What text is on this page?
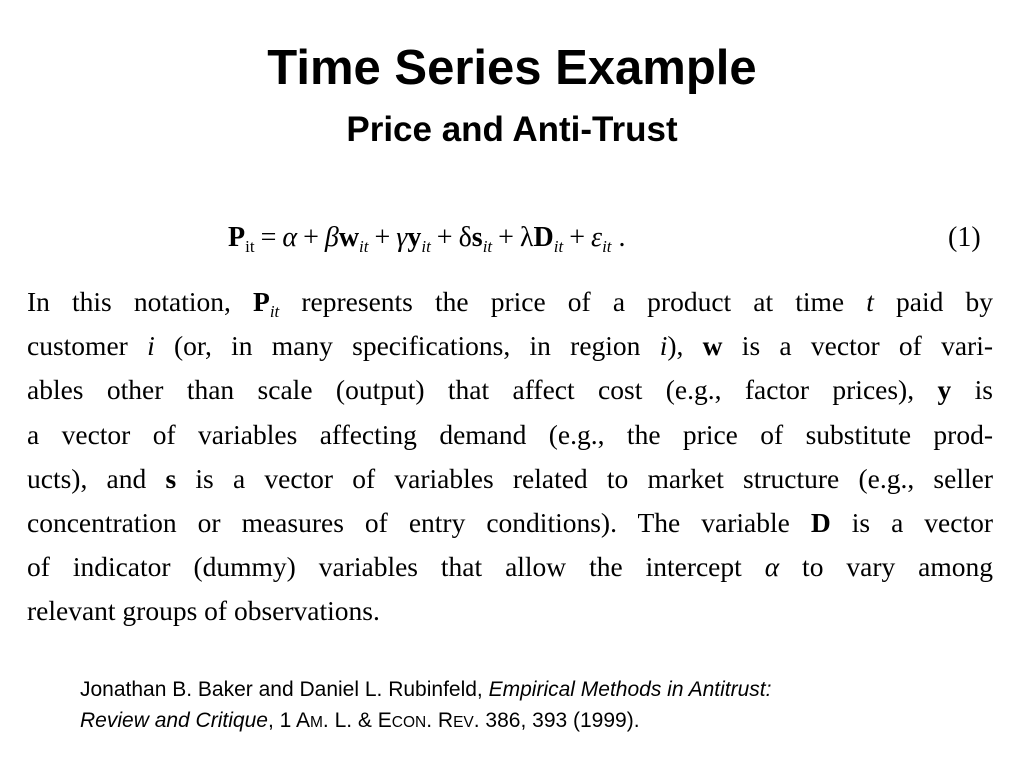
Time Series Example
Price and Anti-Trust
$P_{it} = \alpha + \beta w_{it} + \gamma y_{it} + \delta s_{it} + \lambda D_{it} + \varepsilon_{it}$ .	(1)
In this notation, $P_{it}$ represents the price of a product at time t paid by
customer i (or, in many specifications, in region i), w is a vector of vari-
ables other than scale (output) that affect cost (e.g., factor prices), y is
a vector of variables affecting demand (e.g., the price of substitute prod-
ucts), and s is a vector of variables related to market structure (e.g., seller
concentration or measures of entry conditions). The variable D is a vector
of indicator (dummy) variables that allow the intercept α to vary among
relevant groups of observations.
Jonathan B. Baker and Daniel L. Rubinfeld, Empirical Methods in Antitrust:
Review and Critique, 1 AM. L. & ECON. REV. 386, 393 (1999).
